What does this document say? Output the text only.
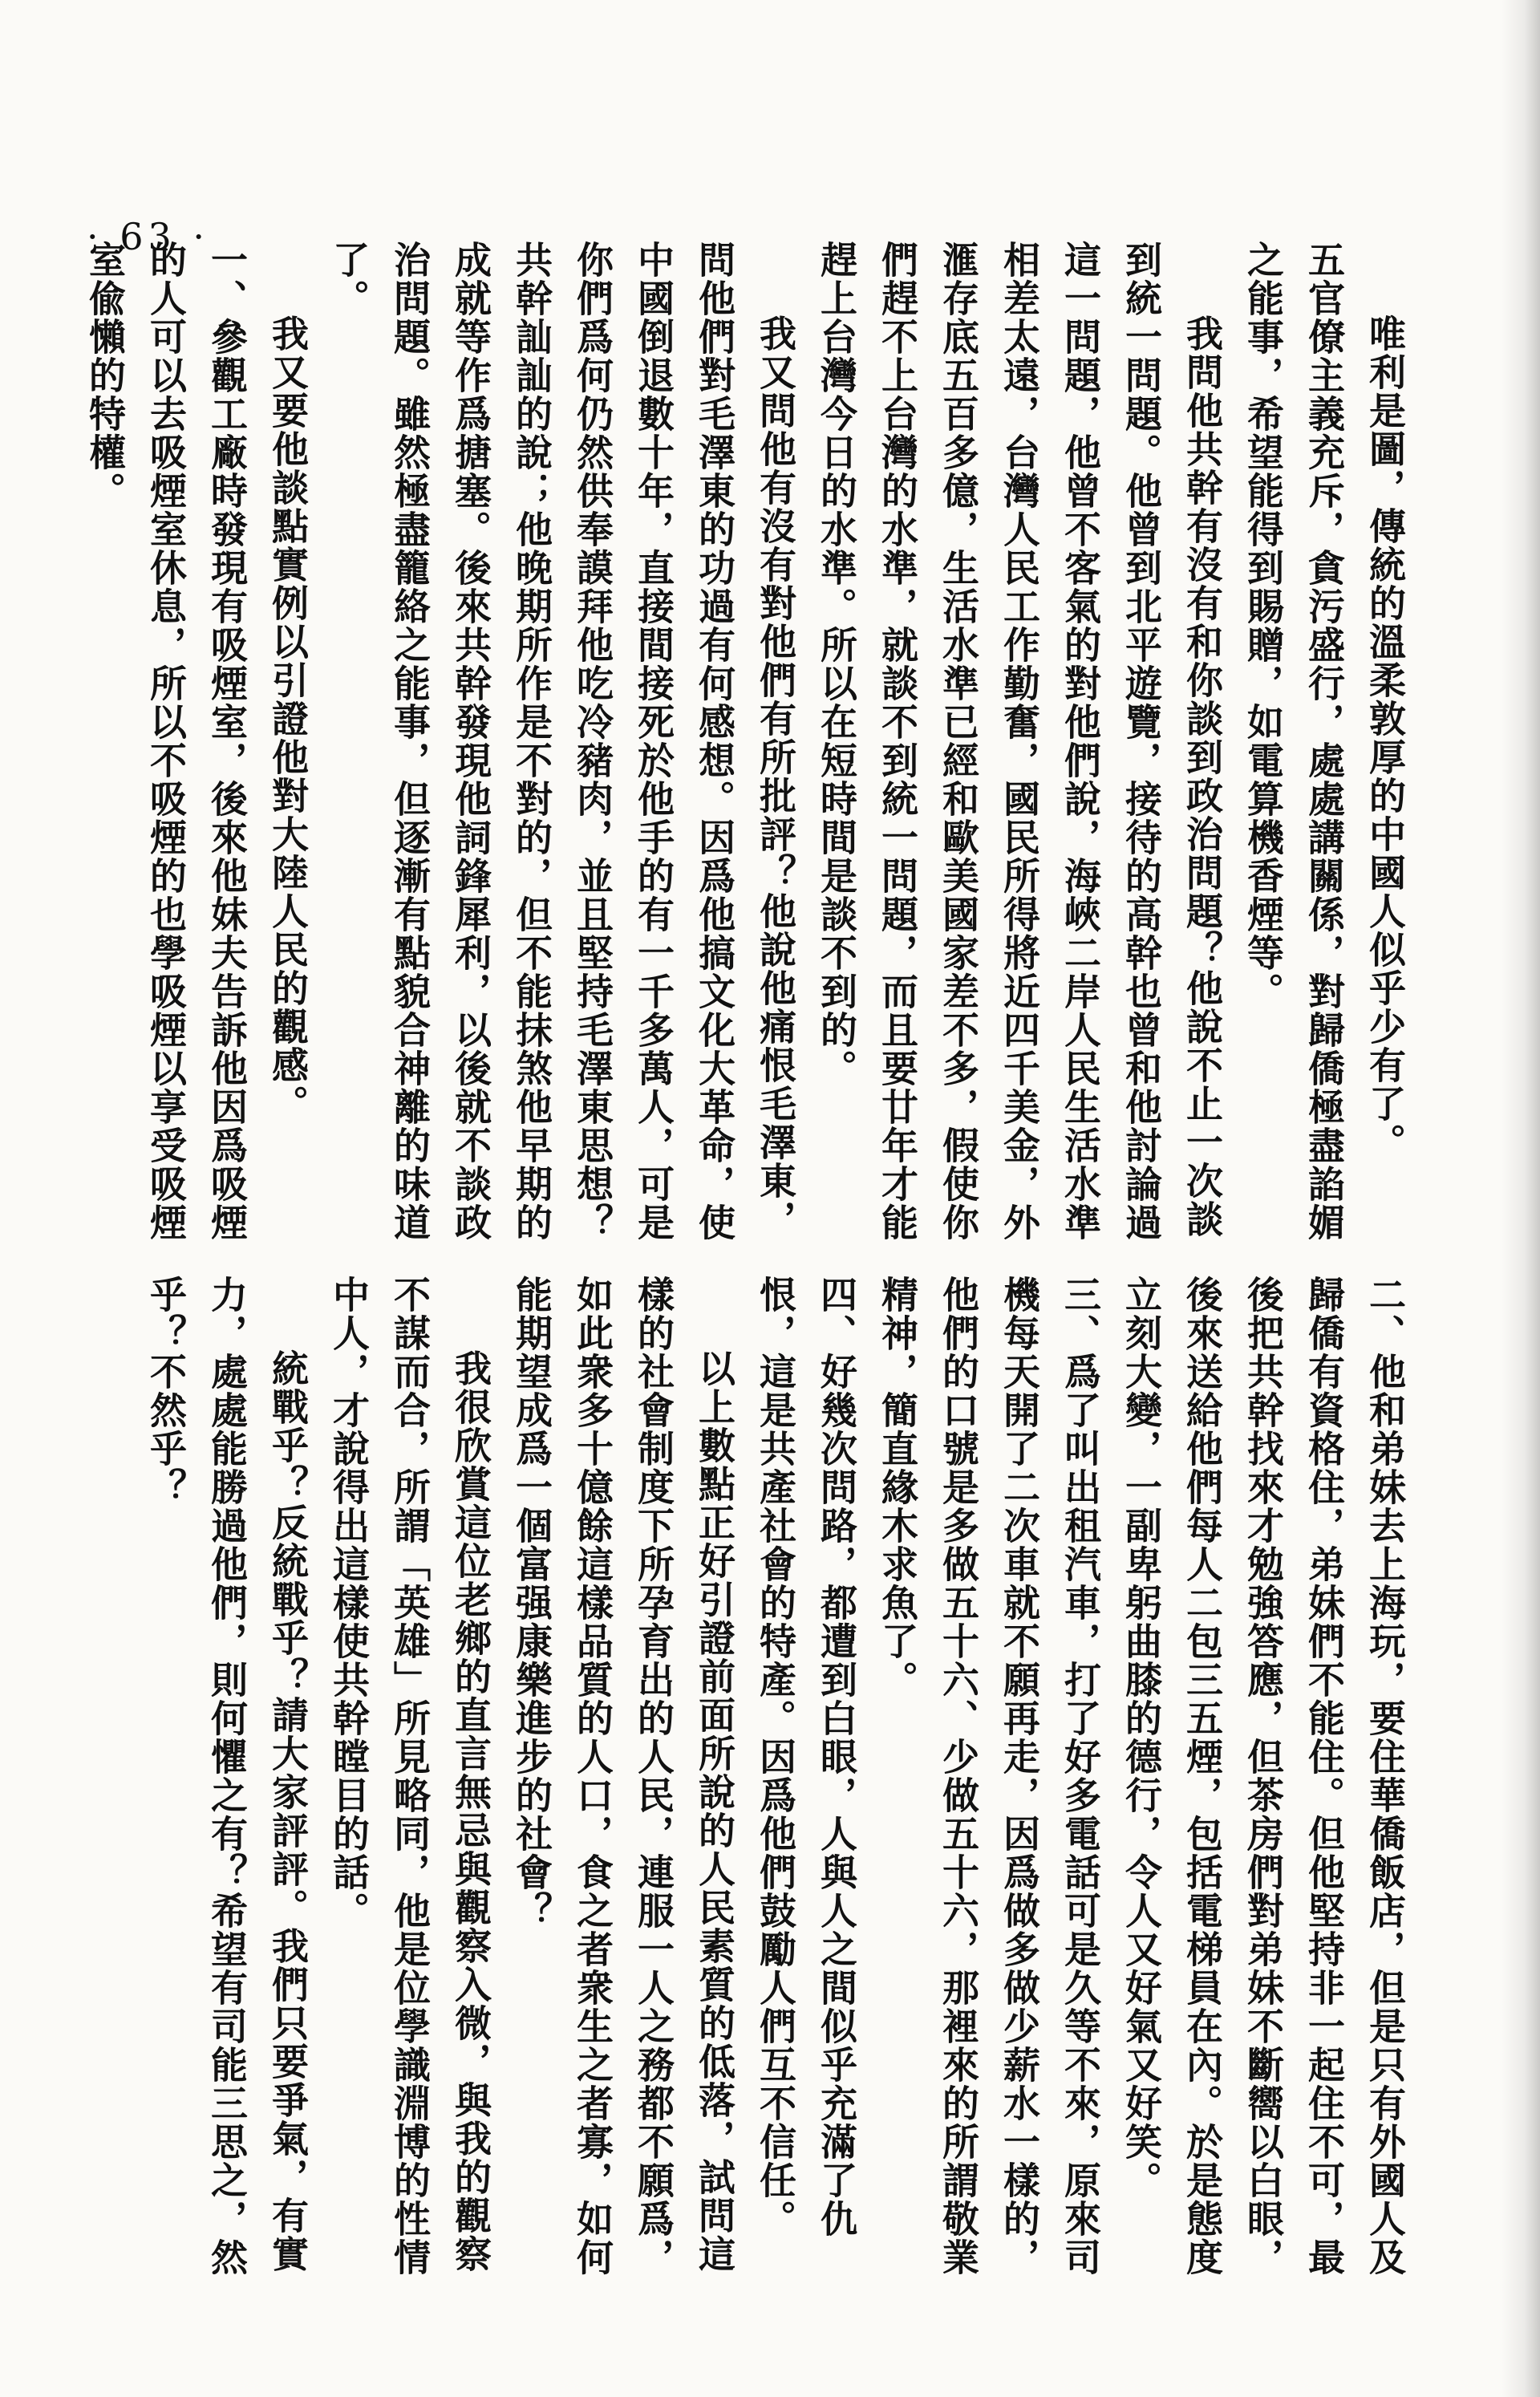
· 63 ·

唯利是圖，傳統的溫柔敦厚的中國人似乎少有了。

五官僚主義充斥，貪污盛行，處處講關係，對歸僑極盡諂媚之能事，希望能得到賜贈，如電算機香煙等。

我問他共幹有沒有和你談到政治問題？他說不止一次談到統一問題。他曾到北平遊覽，接待的高幹也曾和他討論過這一問題，他曾不客氣的對他們說，海峽二岸人民生活水準相差太遠，台灣人民工作勤奮，國民所得將近四千美金，外滙存底五百多億，生活水準已經和歐美國家差不多，假使你們趕不上台灣的水準，就談不到統一問題，而且要廿年才能趕上台灣今日的水準。所以在短時間是談不到的。

我又問他有沒有對他們有所批評？他說他痛恨毛澤東，問他們對毛澤東的功過有何感想。因爲他搞文化大革命，使中國倒退數十年，直接間接死於他手的有一千多萬人，可是你們爲何仍然供奉謨拜他吃冷豬肉，並且堅持毛澤東思想？共幹訕訕的說；他晚期所作是不對的，但不能抹煞他早期的成就等作爲搪塞。後來共幹發現他詞鋒犀利，以後就不談政治問題。雖然極盡籠絡之能事，但逐漸有點貌合神離的味道了。

我又要他談點實例以引證他對大陸人民的觀感。

一、參觀工廠時發現有吸煙室，後來他妹夫告訴他因爲吸煙的人可以去吸煙室休息，所以不吸煙的也學吸煙以享受吸煙室偸懶的特權。

二、他和弟妹去上海玩，要住華僑飯店，但是只有外國人及歸僑有資格住，弟妹們不能住。但他堅持非一起住不可，最後把共幹找來才勉強答應，但茶房們對弟妹不斷嚮以白眼，後來送給他們每人二包三五煙，包括電梯員在內。於是態度立刻大變，一副卑躬曲膝的德行，令人又好氣又好笑。

三、爲了叫出租汽車，打了好多電話可是久等不來，原來司機每天開了二次車就不願再走，因爲做多做少薪水一樣的，他們的口號是多做五十六、少做五十六，那裡來的所謂敬業精神，簡直緣木求魚了。

四、好幾次問路，都遭到白眼，人與人之間似乎充滿了仇恨，這是共產社會的特產。因爲他們鼓勵人們互不信任。

以上數點正好引證前面所說的人民素質的低落，試問這樣的社會制度下所孕育出的人民，連服一人之務都不願爲，如此衆多十億餘這樣品質的人口，食之者衆生之者寡，如何能期望成爲一個富强康樂進步的社會？

我很欣賞這位老鄉的直言無忌與觀察入微，與我的觀察不謀而合，所謂「英雄」所見略同，他是位學識淵博的性情中人，才說得出這樣使共幹瞠目的話。

統戰乎？反統戰乎？請大家評評。我們只要爭氣，有實力，處處能勝過他們，則何懼之有？希望有司能三思之，然乎？不然乎？
